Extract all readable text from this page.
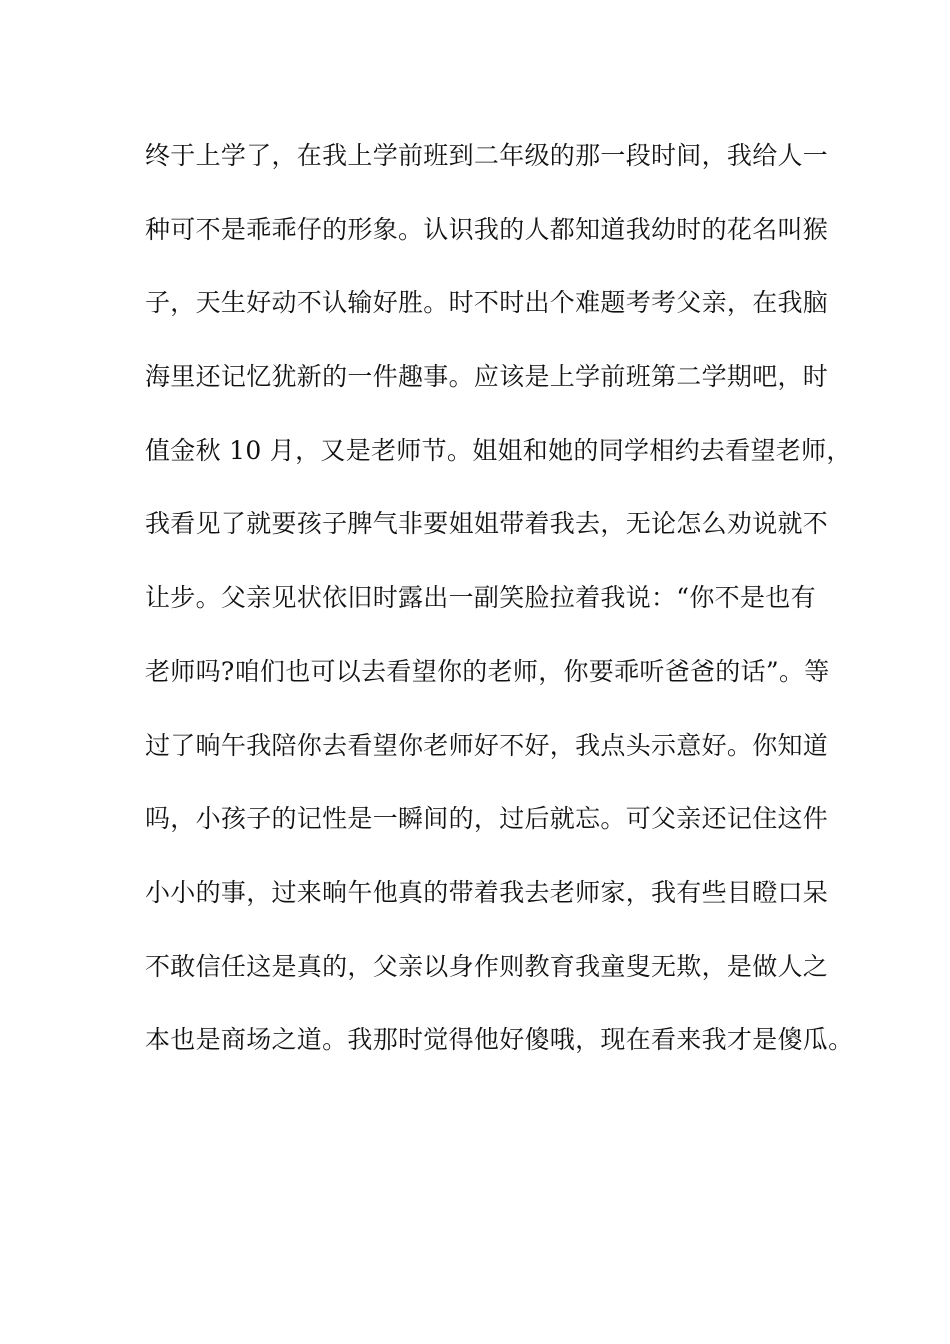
终于上学了，在我上学前班到二年级的那一段时间，我给人一
种可不是乖乖仔的形象。认识我的人都知道我幼时的花名叫猴
子，天生好动不认输好胜。时不时出个难题考考父亲，在我脑
海里还记忆犹新的一件趣事。应该是上学前班第二学期吧，时
值金秋 10 月，又是老师节。姐姐和她的同学相约去看望老师，
我看见了就要孩子脾气非要姐姐带着我去，无论怎么劝说就不
让步。父亲见状依旧时露出一副笑脸拉着我说：“你不是也有
老师吗?咱们也可以去看望你的老师，你要乖听爸爸的话”。等
过了晌午我陪你去看望你老师好不好，我点头示意好。你知道
吗，小孩子的记性是一瞬间的，过后就忘。可父亲还记住这件
小小的事，过来晌午他真的带着我去老师家，我有些目瞪口呆
不敢信任这是真的，父亲以身作则教育我童叟无欺，是做人之
本也是商场之道。我那时觉得他好傻哦，现在看来我才是傻瓜。
